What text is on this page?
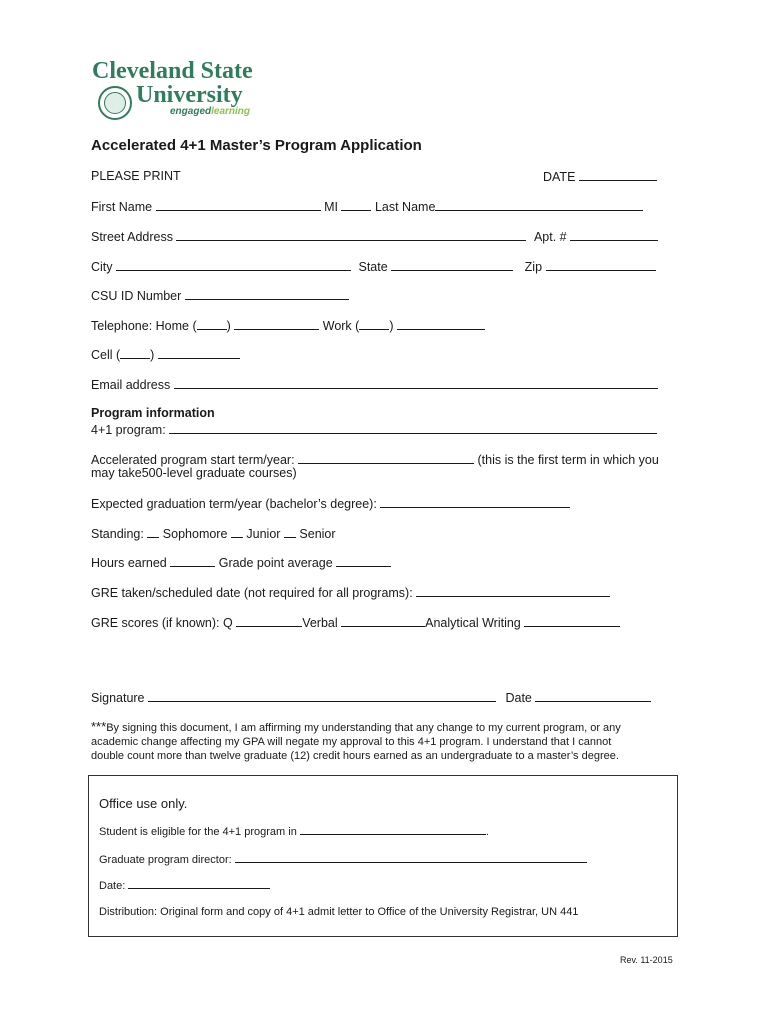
Cleveland State
University
engagedlearning
Accelerated 4+1 Master’s Program Application
PLEASE PRINT	DATE
First Name	MI	Last Name
Street Address	Apt. #
City	State	Zip
CSU ID Number
Telephone: Home ( )	Work ( )
Cell ( )
Email address
Program information
4+1 program:
Accelerated program start term/year:	(this is the first term in which you
may take500-level graduate courses)
Expected graduation term/year (bachelor’s degree):
Standing: Sophomore Junior Senior
Hours earned	Grade point average
GRE taken/scheduled date (not required for all programs):
GRE scores (if known): Q	Verbal	Analytical Writing
Signature	Date
***By signing this document, I am affirming my understanding that any change to my current program, or any
academic change affecting my GPA will negate my approval to this 4+1 program. I understand that I cannot
double count more than twelve graduate (12) credit hours earned as an undergraduate to a master’s degree.
Office use only.
Student is eligible for the 4+1 program in	.
Graduate program director:
Date:
Distribution: Original form and copy of 4+1 admit letter to Office of the University Registrar, UN 441
Rev. 11-2015
